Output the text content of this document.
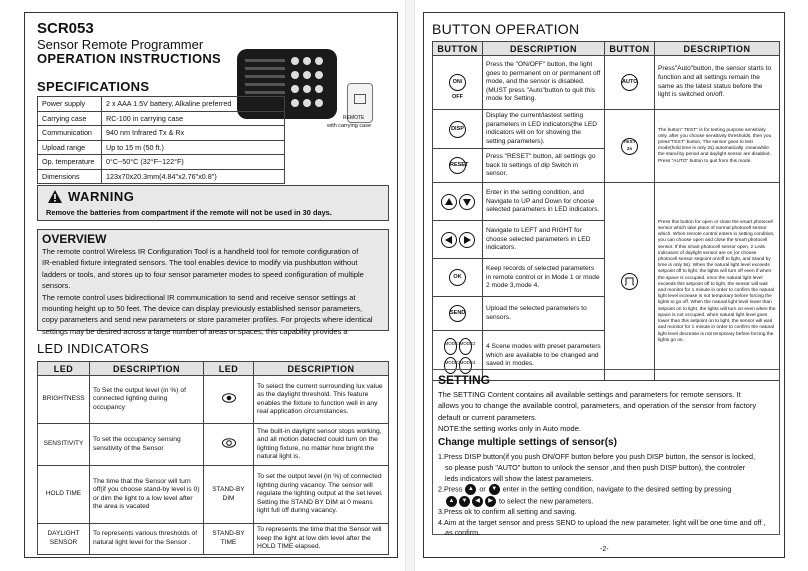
SCR053
Sensor Remote Programmer
OPERATION INSTRUCTIONS
REMOTE
with carrying case
SPECIFICATIONS
Power supply	2 x AAA 1.5V battery, Alkaline preferred
Carrying case	RC-100 in carrying case
Communication	940 nm Infrared Tx & Rx
Upload range	Up to 15 m (50 ft.)
Op. temperature	0°C~50°C (32°F~122°F)
Dimensions	123x70x20.3mm(4.84"x2.76"x0.8")
WARNING
Remove the batteries from compartment if the remote will not be used in 30 days.
OVERVIEW
The remote control Wireless IR Configuration Tool is a handheld tool for remote configuration of
IR-enabled fixture integrated sensors. The tool enables device to modify via pushbutton without
ladders or tools, and stores up to four sensor parameter modes to speed configuration of multiple
sensors.
The remote control uses bidirectional IR communication to send and receive sensor settings at
mounting height up to 50 feet. The device can display previously established sensor parameters,
copy parameters and send new parameters or store parameter profiles. For projects where identical
settings may be desired across a large number of areas or spaces, this capability provides a
LED INDICATORS
LED	DESCRIPTION	LED	DESCRIPTION
BRIGHTNESS	To Set the output level (in %) of connected lighting during occupancy		To select the current surrounding lux value as the daylight threshold. This feature enables the fixture to function well in any real application circumstances.
SENSITIVITY	To set the occupancy sensing sensitivity of the Sensor		The built-in daylight sensor stops working, and all motion detected could turn on the lighting fixture, no matter how bright the natural light is.
HOLD TIME	The time that the Sensor will turn off(if you choose stand-by level is 0) or dim the light to a low level after the area is vacated	STAND-BY DIM	To set the output level (in %) of connected lighting during vacancy. The sensor will regulate the lighting output at the set level. Setting the STAND BY DIM at 0 means light full off during vacancy.
DAYLIGHT SENSOR	To represents various thresholds of natural light level for the Sensor .	STAND-BY TIME	To represents the time that the Sensor will keep the light at low dim level after the HOLD TIME elapsed.
BUTTON OPERATION
BUTTON	DESCRIPTION	BUTTON	DESCRIPTION
ON/ OFF	Press the "ON/OFF" button, the light goes to permanent on or permanent off mode, and the sensor is disabled.(MUST press "Auto"button to quit this mode for Setting.	AUTO	Press"Auto"button, the sensor starts to function and all settings remain the same as the latest status before the light is switched on/off.
DISP	Display the current/lastest setting parameters in LED indicators(the LED indicators will on for showing the setting parameters).	TEST 2s	The button" TEST" is for testing purpose sensitivity only. after you choose sensitivity thresholds, then you press"TEST" button, The sensor goes to test mode(hold time is only 2s) automatically ,meanwhile the stand-by period and daylight sensor are disabled. Press "AUTO" button to quit from this mode.
RESET	Press "RESET" button, all settings go back to settings of dip Switch in sensor.		
	Enter in the setting condition, and Navigate to UP and Down for choose selected parameters in LED indicators.		Press this button for open or close the smart photocell sensor which take place of normal photocell sensor which. When remote control enters in setting condition, you can choose open and close the smart photocell sensor. If this smart photocell sensor open, 2 Leds indicators of daylight sensor are on (or choose photocell sensor setpoint on/off to light, and Stand by time is only 5s). When the natural light level exceeds setpoint off to light, the lights will turn off even if when the space is occupied. once the natural light level exceeds this setpoint off to light, the sensor will wait and monitor for 1 minute in order to confirm the natural light level increase is not temporary before forcing the lights to go off. When the natural light level lower than setpoint on to light, the lights will turn on even when the space is not occupied. when natural light level goes lower than this setpoint on to light, the sensor will wait and monitor for 1 minute in order to confirm the natural light level decrease is not temporary before forcing the lights go on.
	Navigate to LEFT and RIGHT for choose selected parameters in LED indicators.		
OK	Keep records of selected parameters in remote control or in Mode 1 or mode 2 mode 3,mode 4.		
SEND	Upload the selected parameters to sensors.		
MODE1MODE2
MODE3MODE4	4 Scene modes with preset parameters which are available to be changed and saved in modes.		
SETTING
The SETTING Content contains all available settings and parameters for remote sensors. It
allows you to change the available control, parameters, and operation of the sensor from factory
default or current parameters.
NOTE:the setting works only in Auto mode.
Change multiple settings of sensor(s)
1.Press DISP button(if you push ON/OFF button before you push DISP button, the sensor is locked,
so please push "AUTO" button to unlock the sensor ,and then push DISP button), the controler
leds indicators will show the latest parameters.
2.Press ▲ or ▼ enter in the setting condition, navigate to the desired setting by pressing
▲ ▼ ◀ ▶ to select the new parameters.
3.Press ok to confirm all setting and saving.
4.Aim at the target sensor and press SEND to upload the new parameter. light will be one time and off ,
as confirm.
-2-
